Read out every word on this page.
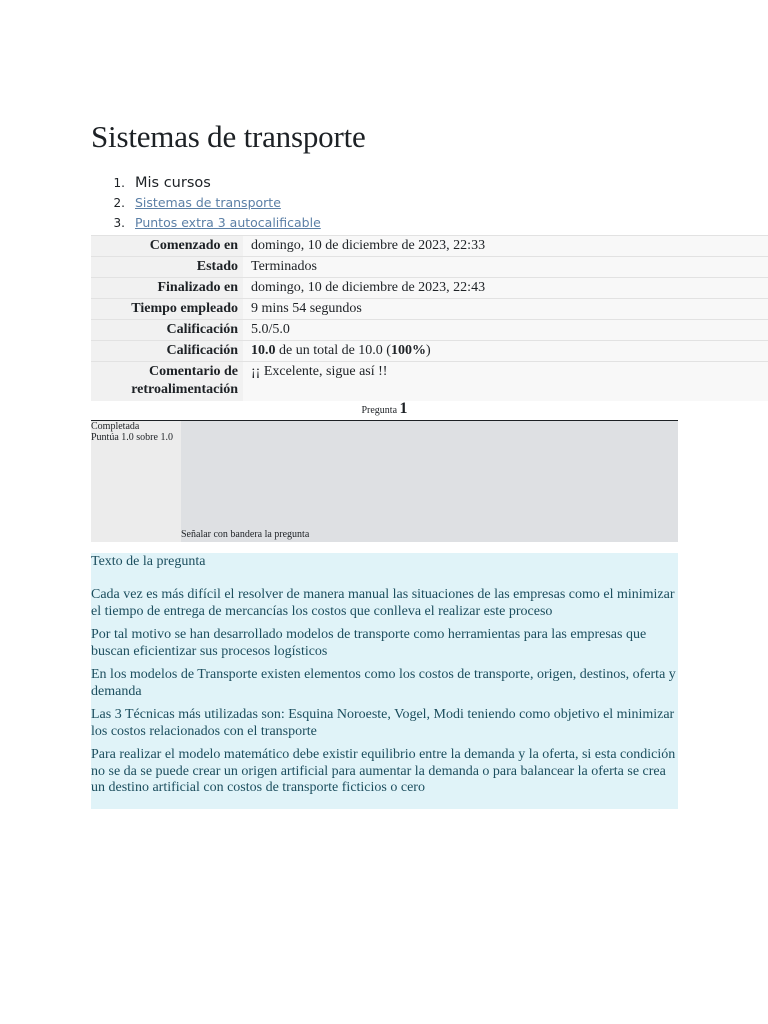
Sistemas de transporte
1. Mis cursos
2. Sistemas de transporte
3. Puntos extra 3 autocalificable
Comenzado en	domingo, 10 de diciembre de 2023, 22:33
Estado	Terminados
Finalizado en	domingo, 10 de diciembre de 2023, 22:43
Tiempo empleado	9 mins 54 segundos
Calificación	5.0/5.0
Calificación	10.0 de un total de 10.0 (100%)
Comentario de retroalimentación	¡¡ Excelente, sigue así !!
Pregunta 1
Completada
Puntúa 1.0 sobre 1.0
Señalar con bandera la pregunta
Texto de la pregunta

Cada vez es más difícil el resolver de manera manual las situaciones de las empresas como el minimizar el tiempo de entrega de mercancías los costos que conlleva el realizar este proceso

Por tal motivo se han desarrollado modelos de transporte como herramientas para las empresas que buscan eficientizar sus procesos logísticos

En los modelos de Transporte existen elementos como los costos de transporte, origen, destinos, oferta y demanda

Las 3 Técnicas más utilizadas son: Esquina Noroeste, Vogel, Modi teniendo como objetivo el minimizar los costos relacionados con el transporte

Para realizar el modelo matemático debe existir equilibrio entre la demanda y la oferta, si esta condición no se da se puede crear un origen artificial para aumentar la demanda o para balancear la oferta se crea un destino artificial con costos de transporte ficticios o cero
